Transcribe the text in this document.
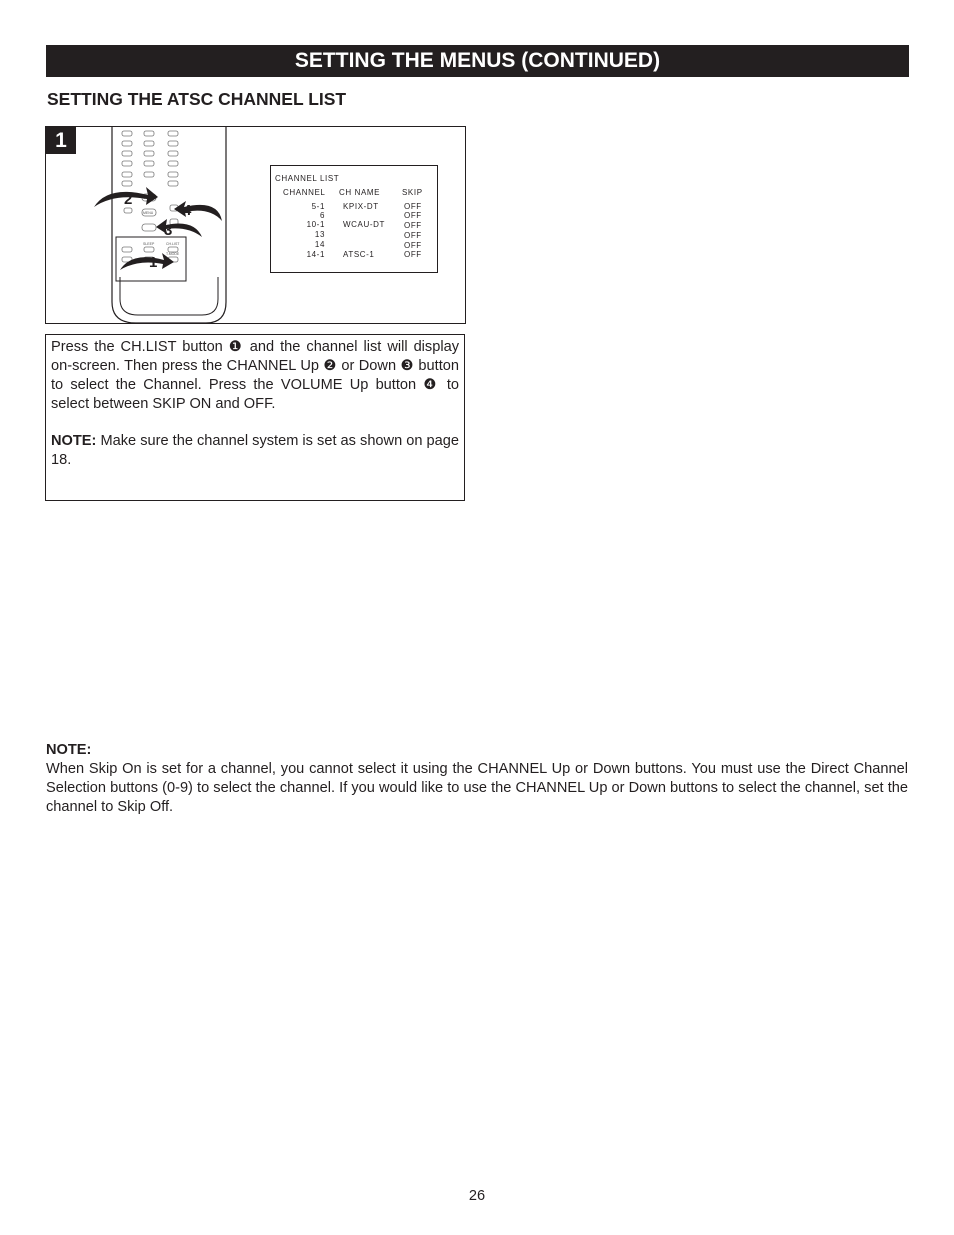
SETTING THE MENUS (CONTINUED)
SETTING THE ATSC CHANNEL LIST
1
MENU
SLEEP	CH.LIST
T.MODE
2
4
3
1
CHANNEL LIST
CHANNEL CH NAME	SKIP
5-1
6
10-1
13
14
14-1
KPIX-DT
WCAU-DT
ATSC-1
OFF
OFF
OFF
OFF
OFF
OFF

Press the CH.LIST button ❶ and the channel list will display on-screen. Then press the CHANNEL Up ❷ or Down ❸ button to select the Channel. Press the VOLUME Up button ❹ to select between SKIP ON and OFF.

NOTE: Make sure the channel system is set as shown on page 18.

NOTE:
When Skip On is set for a channel, you cannot select it using the CHANNEL Up or Down buttons. You must use the Direct Channel Selection buttons (0-9) to select the channel. If you would like to use the CHANNEL Up or Down buttons to select the channel, set the channel to Skip Off.
26
